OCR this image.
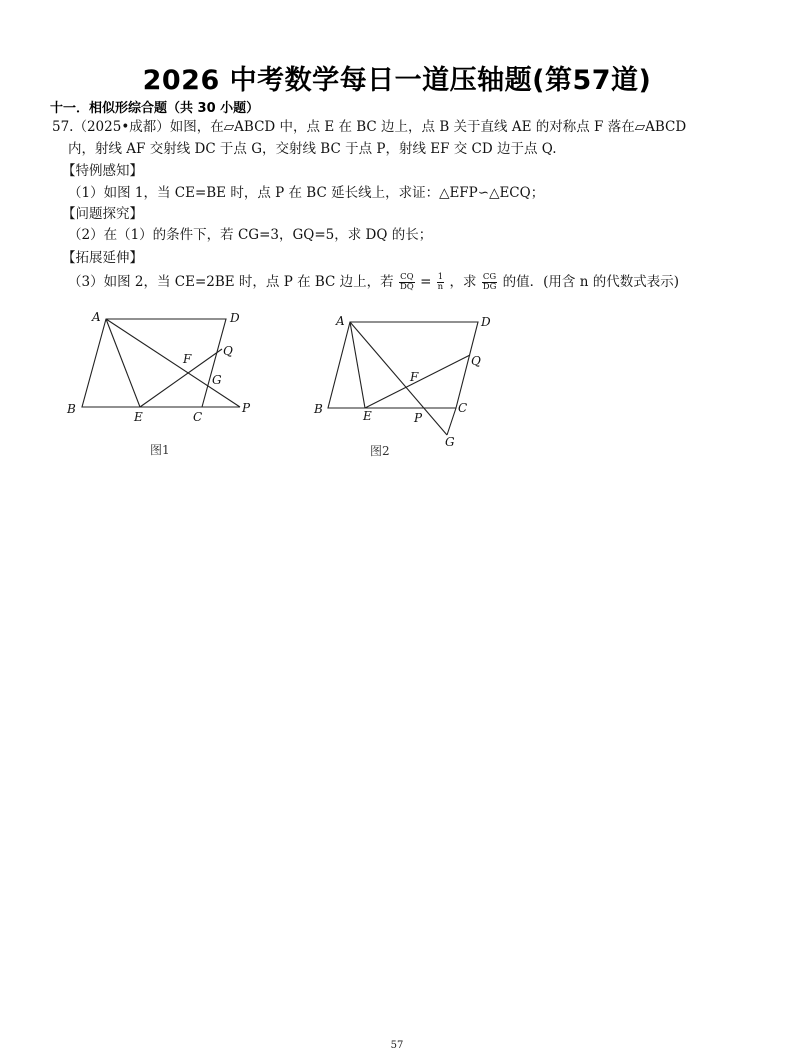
2026 中考数学每日一道压轴题(第57道)
十一．相似形综合题（共 30 小题）
57.（2025•成都）如图，在▱ABCD 中，点 E 在 BC 边上，点 B 关于直线 AE 的对称点 F 落在▱ABCD
内，射线 AF 交射线 DC 于点 G，交射线 BC 于点 P，射线 EF 交 CD 边于点 Q.
【特例感知】
（1）如图 1，当 CE=BE 时，点 P 在 BC 延长线上，求证：△EFP∽△ECQ；
【问题探究】
（2）在（1）的条件下，若 CG=3，GQ=5，求 DQ 的长；
【拓展延伸】
（3）如图 2，当 CE=2BE 时，点 P 在 BC 边上，若 $\frac{CQ}{DQ} = \frac{1}{n}$ ，求 $\frac{CG}{DG}$ 的值．(用含 n 的代数式表示)
A	D
B
E	C
P
F
Q
G
图1
A	D
B	E
C
P
F
Q
G
图2
57
